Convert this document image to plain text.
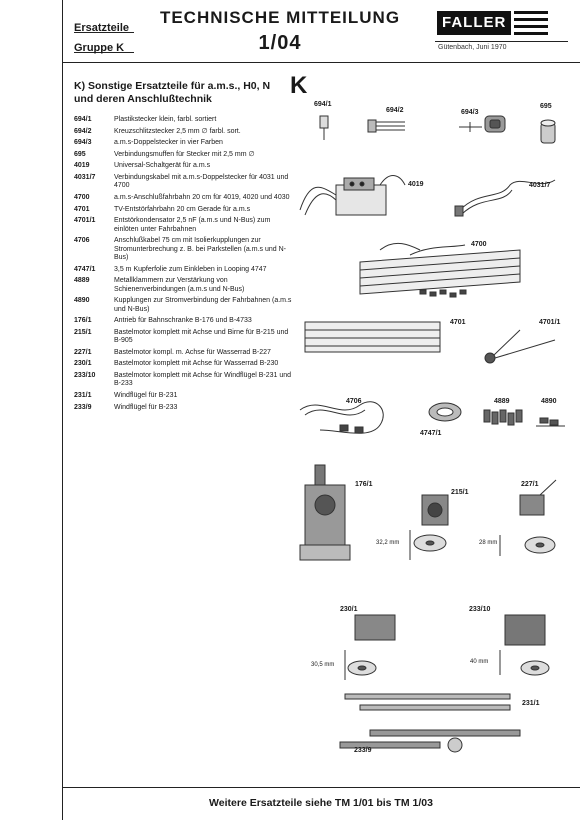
Ersatzteile
Gruppe K
TECHNISCHE MITTEILUNG
1/04
FALLER
Gütenbach, Juni 1970
K) Sonstige Ersatzteile für a.m.s., H0, N und deren Anschlußtechnik	K
694/1	Plastikstecker klein, farbl. sortiert
694/2	Kreuzschlitzstecker 2,5 mm ∅ farbl. sort.
694/3	a.m.s-Doppelstecker in vier Farben
695	Verbindungsmuffen für Stecker mit 2,5 mm ∅
4019	Universal-Schaltgerät für a.m.s
4031/7	Verbindungskabel mit a.m.s-Doppelstecker für 4031 und 4700
4700	a.m.s-Anschlußfahrbahn 20 cm für 4019, 4020 und 4030
4701	TV-Entstörfahrbahn 20 cm Gerade für a.m.s
4701/1	Entstörkondensator 2,5 nF (a.m.s und N-Bus) zum einlöten unter Fahrbahnen
4706	Anschlußkabel 75 cm mit Isolierkupplungen zur Stromunterbrechung z. B. bei Parkstellen (a.m.s und N-Bus)
4747/1	3,5 m Kupferfolie zum Einkleben in Looping 4747
4889	Metallklammern zur Verstärkung von Schienenverbindungen (a.m.s und N-Bus)
4890	Kupplungen zur Stromverbindung der Fahrbahnen (a.m.s und N-Bus)
176/1	Antrieb für Bahnschranke B-176 und B-4733
215/1	Bastelmotor komplett mit Achse und Birne für B-215 und B-905
227/1	Bastelmotor kompl. m. Achse für Wasserrad B-227
230/1	Bastelmotor komplett mit Achse für Wasserrad B-230
233/10	Bastelmotor komplett mit Achse für Windflügel B-231 und B-233
231/1	Windflügel für B-231
233/9	Windflügel für B-233
694/1
694/2	694/3
695
4019	4031/7
4700
4701	4701/1
4706
4747/1
4889	4890
176/1
215/1
227/1
230/1	233/10
231/1
233/9
32,2 mm	28 mm
30,5 mm	40 mm
Weitere Ersatzteile siehe TM 1/01 bis TM 1/03
